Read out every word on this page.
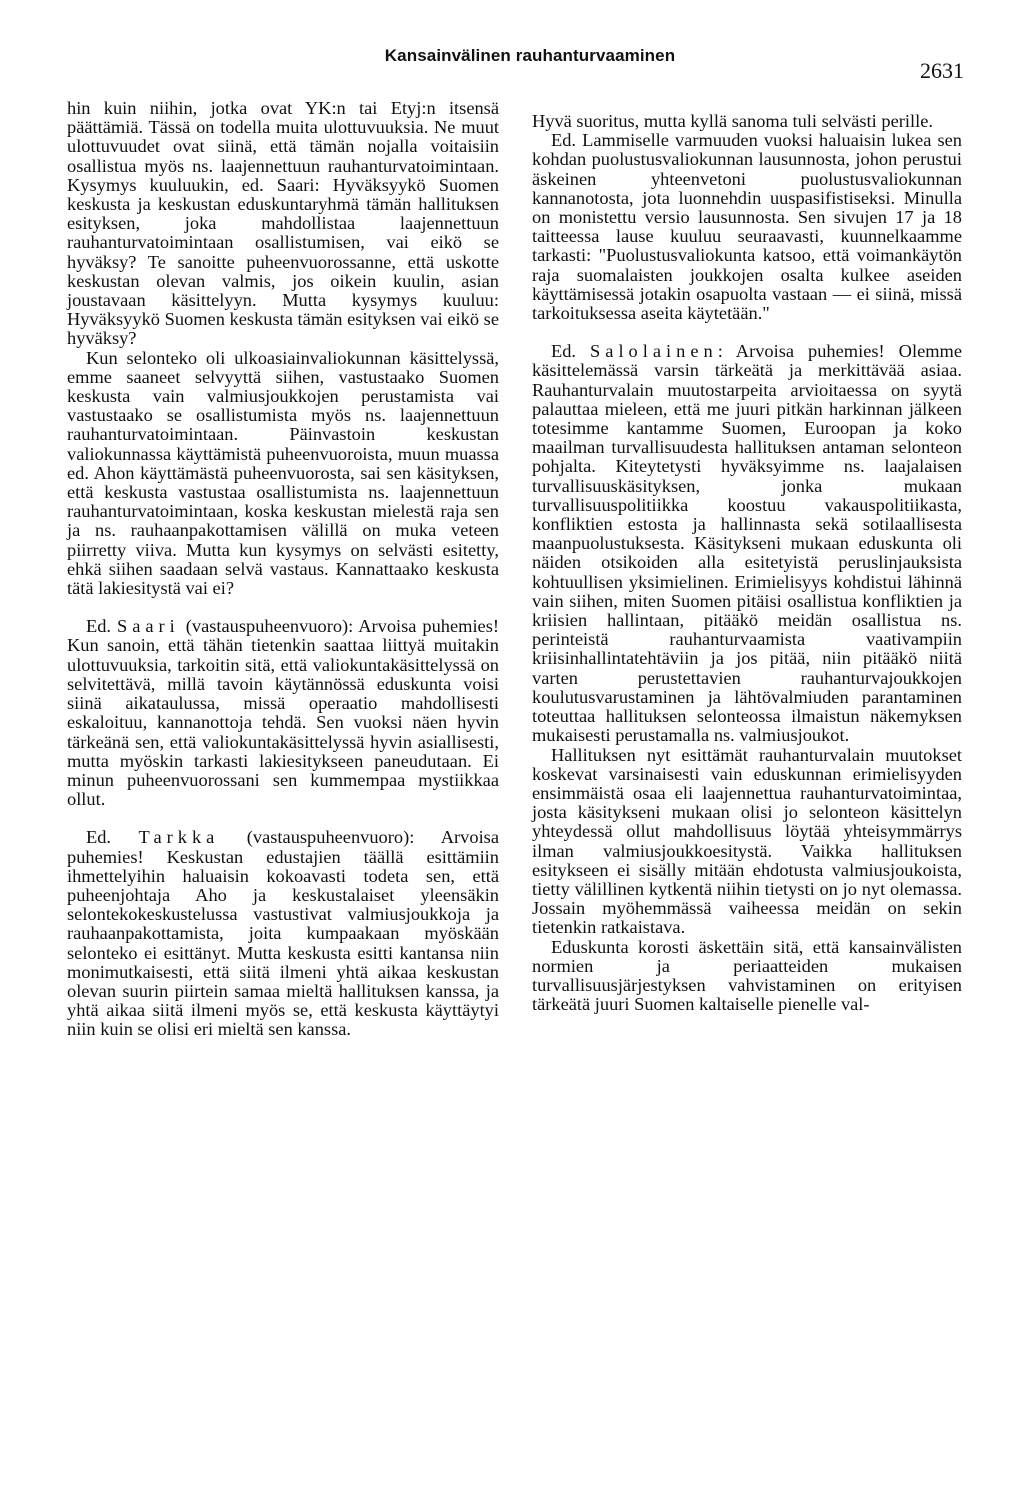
Kansainvälinen rauhanturvaaminen
2631

hin kuin niihin, jotka ovat YK:n tai Etyj:n itsensä päättämiä. Tässä on todella muita ulottuvuuksia. Ne muut ulottuvuudet ovat siinä, että tämän nojalla voitaisiin osallistua myös ns. laajennettuun rauhanturvatoimintaan. Kysymys kuuluukin, ed. Saari: Hyväksyykö Suomen keskusta ja keskustan eduskuntaryhmä tämän hallituksen esityksen, joka mahdollistaa laajennettuun rauhanturvatoimintaan osallistumisen, vai eikö se hyväksy? Te sanoitte puheenvuorossanne, että uskotte keskustan olevan valmis, jos oikein kuulin, asian joustavaan käsittelyyn. Mutta kysymys kuuluu: Hyväksyykö Suomen keskusta tämän esityksen vai eikö se hyväksy?

Kun selonteko oli ulkoasiainvaliokunnan käsittelyssä, emme saaneet selvyyttä siihen, vastustaako Suomen keskusta vain valmiusjoukkojen perustamista vai vastustaako se osallistumista myös ns. laajennettuun rauhanturvatoimintaan. Päinvastoin keskustan valiokunnassa käyttämistä puheenvuoroista, muun muassa ed. Ahon käyttämästä puheenvuorosta, sai sen käsityksen, että keskusta vastustaa osallistumista ns. laajennettuun rauhanturvatoimintaan, koska keskustan mielestä raja sen ja ns. rauhaanpakottamisen välillä on muka veteen piirretty viiva. Mutta kun kysymys on selvästi esitetty, ehkä siihen saadaan selvä vastaus. Kannattaako keskusta tätä lakiesitystä vai ei?

Ed. Saari (vastauspuheenvuoro): Arvoisa puhemies! Kun sanoin, että tähän tietenkin saattaa liittyä muitakin ulottuvuuksia, tarkoitin sitä, että valiokuntakäsittelyssä on selvitettävä, millä tavoin käytännössä eduskunta voisi siinä aikataulussa, missä operaatio mahdollisesti eskaloituu, kannanottoja tehdä. Sen vuoksi näen hyvin tärkeänä sen, että valiokuntakäsittelyssä hyvin asiallisesti, mutta myöskin tarkasti lakiesitykseen paneudutaan. Ei minun puheenvuorossani sen kummempaa mystiikkaa ollut.

Ed. Tarkka (vastauspuheenvuoro): Arvoisa puhemies! Keskustan edustajien täällä esittämiin ihmettelyihin haluaisin kokoavasti todeta sen, että puheenjohtaja Aho ja keskustalaiset yleensäkin selontekokeskustelussa vastustivat valmiusjoukkoja ja rauhaanpakottamista, joita kumpaakaan myöskään selonteko ei esittänyt. Mutta keskusta esitti kantansa niin monimutkaisesti, että siitä ilmeni yhtä aikaa keskustan olevan suurin piirtein samaa mieltä hallituksen kanssa, ja yhtä aikaa siitä ilmeni myös se, että keskusta käyttäytyi niin kuin se olisi eri mieltä sen kanssa.

Hyvä suoritus, mutta kyllä sanoma tuli selvästi perille.

Ed. Lammiselle varmuuden vuoksi haluaisin lukea sen kohdan puolustusvaliokunnan lausunnosta, johon perustui äskeinen yhteenvetoni puolustusvaliokunnan kannanotosta, jota luonnehdin uuspasifistiseksi. Minulla on monistettu versio lausunnosta. Sen sivujen 17 ja 18 taitteessa lause kuuluu seuraavasti, kuunnelkaamme tarkasti: "Puolustusvaliokunta katsoo, että voimankäytön raja suomalaisten joukkojen osalta kulkee aseiden käyttämisessä jotakin osapuolta vastaan — ei siinä, missä tarkoituksessa aseita käytetään."

Ed. Salolainen: Arvoisa puhemies! Olemme käsittelemässä varsin tärkeätä ja merkittävää asiaa. Rauhanturvalain muutostarpeita arvioitaessa on syytä palauttaa mieleen, että me juuri pitkän harkinnan jälkeen totesimme kantamme Suomen, Euroopan ja koko maailman turvallisuudesta hallituksen antaman selonteon pohjalta. Kiteytetysti hyväksyimme ns. laajalaisen turvallisuuskäsityksen, jonka mukaan turvallisuuspolitiikka koostuu vakauspolitiikasta, konfliktien estosta ja hallinnasta sekä sotilaallisesta maanpuolustuksesta. Käsitykseni mukaan eduskunta oli näiden otsikoiden alla esitetyistä peruslinjauksista kohtuullisen yksimielinen. Erimielisyys kohdistui lähinnä vain siihen, miten Suomen pitäisi osallistua konfliktien ja kriisien hallintaan, pitääkö meidän osallistua ns. perinteistä rauhanturvaamista vaativampiin kriisinhallintatehtäviin ja jos pitää, niin pitääkö niitä varten perustettavien rauhanturvajoukkojen koulutusvarustaminen ja lähtövalmiuden parantaminen toteuttaa hallituksen selonteossa ilmaistun näkemyksen mukaisesti perustamalla ns. valmiusjoukot.

Hallituksen nyt esittämät rauhanturvalain muutokset koskevat varsinaisesti vain eduskunnan erimielisyyden ensimmäistä osaa eli laajennettua rauhanturvatoimintaa, josta käsitykseni mukaan olisi jo selonteon käsittelyn yhteydessä ollut mahdollisuus löytää yhteisymmärrys ilman valmiusjoukkoesitystä. Vaikka hallituksen esitykseen ei sisälly mitään ehdotusta valmiusjoukoista, tietty välillinen kytkentä niihin tietysti on jo nyt olemassa. Jossain myöhemmässä vaiheessa meidän on sekin tietenkin ratkaistava.

Eduskunta korosti äskettäin sitä, että kansainvälisten normien ja periaatteiden mukaisen turvallisuusjärjestyksen vahvistaminen on erityisen tärkeätä juuri Suomen kaltaiselle pienelle val-
